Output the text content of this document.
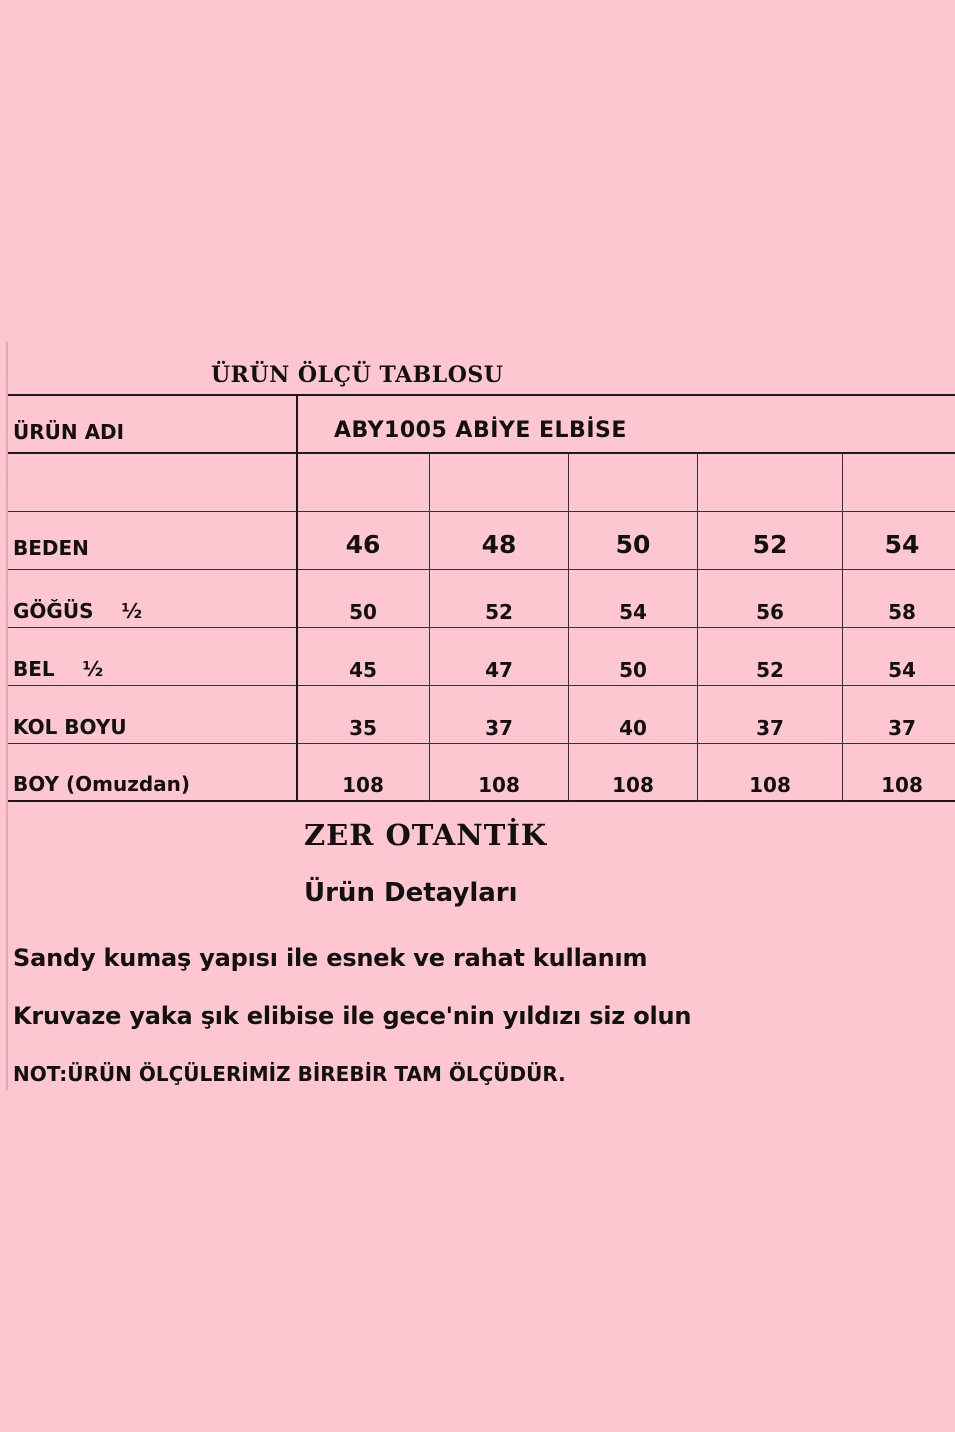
ÜRÜN ÖLÇÜ TABLOSU
ÜRÜN ADI	ABY1005 ABİYE ELBİSE
BEDEN	46	48	50	52	54
GÖĞÜS    ½	50	52	54	56	58
BEL    ½	45	47	50	52	54
KOL BOYU	35	37	40	37	37
BOY (Omuzdan)	108	108	108	108	108
ZER OTANTİK
Ürün Detayları
Sandy kumaş yapısı ile esnek ve rahat kullanım
Kruvaze yaka şık elibise ile gece'nin yıldızı siz olun
NOT:ÜRÜN ÖLÇÜLERİMİZ BİREBİR TAM ÖLÇÜDÜR.
